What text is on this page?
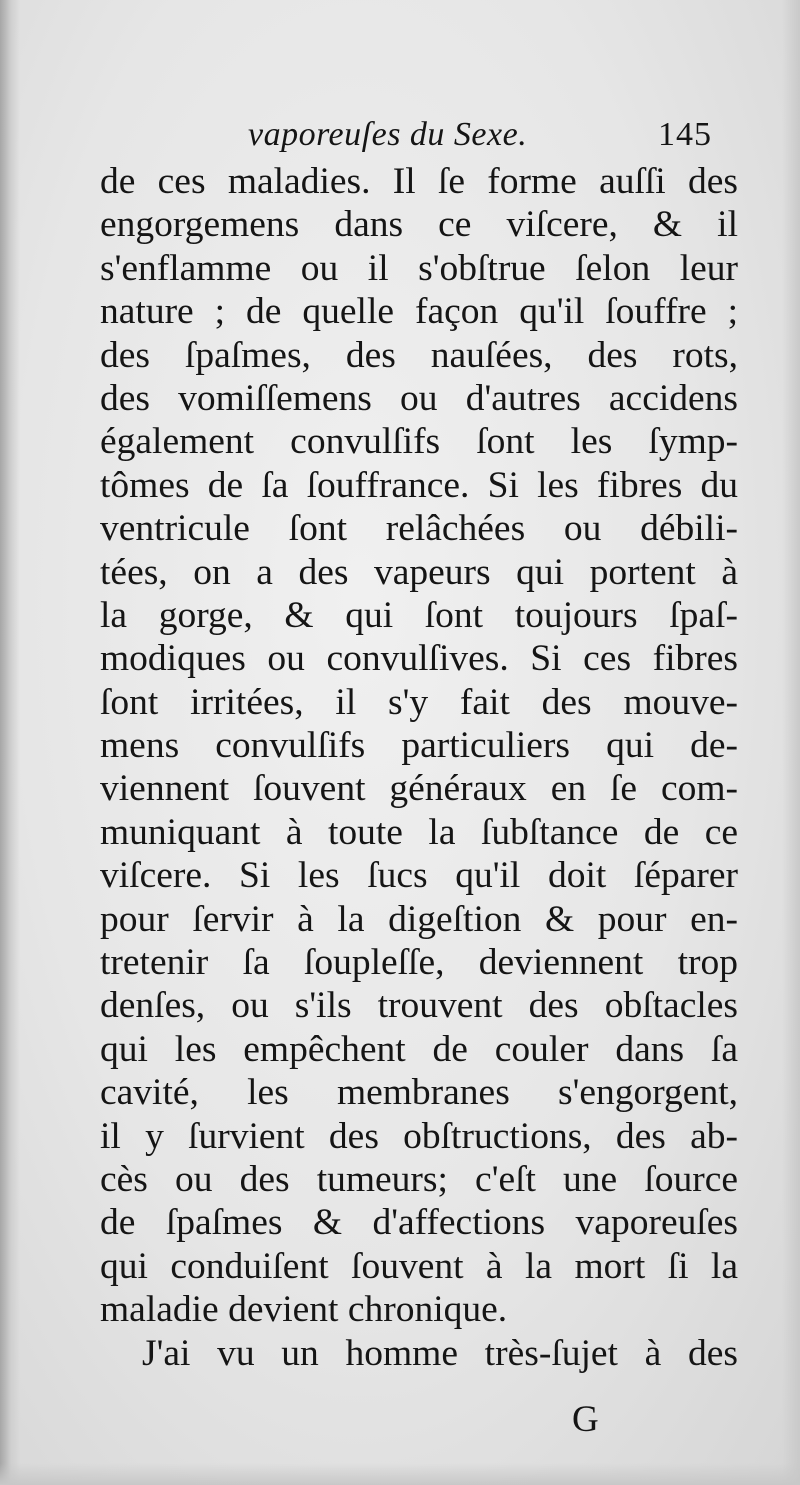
vaporeuſes du Sexe.	145
de ces maladies. Il ſe forme auſſi des
engorgemens dans ce viſcere, & il
s'enflamme ou il s'obſtrue ſelon leur
nature ; de quelle façon qu'il ſouffre ;
des ſpaſmes, des nauſées, des rots,
des vomiſſemens ou d'autres accidens
également convulſifs ſont les ſymp-
tômes de ſa ſouffrance. Si les fibres du
ventricule ſont relâchées ou débili-
tées, on a des vapeurs qui portent à
la gorge, & qui ſont toujours ſpaſ-
modiques ou convulſives. Si ces fibres
ſont irritées, il s'y fait des mouve-
mens convulſifs particuliers qui de-
viennent ſouvent généraux en ſe com-
muniquant à toute la ſubſtance de ce
viſcere. Si les ſucs qu'il doit ſéparer
pour ſervir à la digeſtion & pour en-
tretenir ſa ſoupleſſe, deviennent trop
denſes, ou s'ils trouvent des obſtacles
qui les empêchent de couler dans ſa
cavité, les membranes s'engorgent,
il y ſurvient des obſtructions, des ab-
cès ou des tumeurs; c'eſt une ſource
de ſpaſmes & d'affections vaporeuſes
qui conduiſent ſouvent à la mort ſi la
maladie devient chronique.
J'ai vu un homme très-ſujet à des
G
